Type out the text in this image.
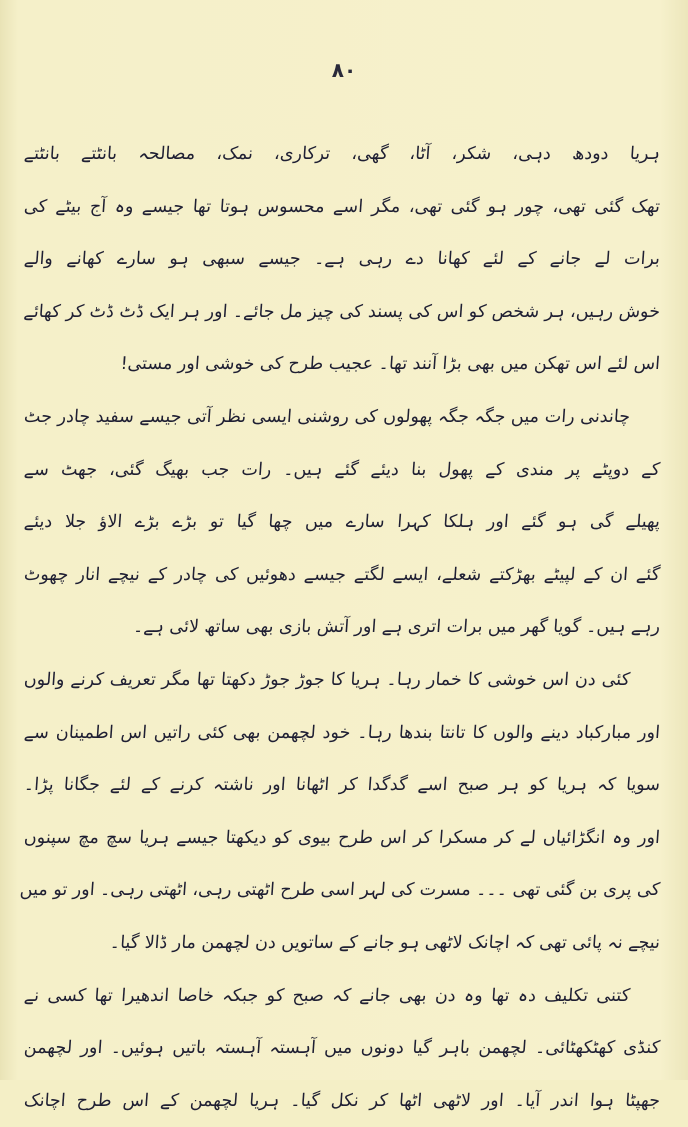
۸۰
ہریا دودھ دہی، شکر، آٹا، گھی، ترکاری، نمک، مصالحہ بانٹتے بانٹتے
تھک گئی تھی، چور ہو گئی تھی، مگر اسے محسوس ہوتا تھا جیسے وہ آج بیٹے کی
برات لے جانے کے لئے کھانا دے رہی ہے۔ جیسے سبھی ہو سارے کھانے والے
خوش رہیں، ہر شخص کو اس کی پسند کی چیز مل جائے۔ اور ہر ایک ڈٹ ڈٹ کر کھائے
اس لئے اس تھکن میں بھی بڑا آنند تھا۔ عجیب طرح کی خوشی اور مستی!
چاندنی رات میں جگہ جگہ پھولوں کی روشنی ایسی نظر آتی جیسے سفید چادر جٹ
کے دوپٹے پر مندی کے پھول بنا دیئے گئے ہیں۔ رات جب بھیگ گئی، جھٹ سے
پھیلے گی ہو گئے اور ہلکا کہرا سارے میں چھا گیا تو بڑے بڑے الاؤ جلا دیئے
گئے ان کے لپیٹے بھڑکتے شعلے، ایسے لگتے جیسے دھوئیں کی چادر کے نیچے انار چھوٹ
رہے ہیں۔ گویا گھر میں برات اتری ہے اور آتش بازی بھی ساتھ لائی ہے۔
کئی دن اس خوشی کا خمار رہا۔ ہریا کا جوڑ جوڑ دکھتا تھا مگر تعریف کرنے والوں
اور مبارکباد دینے والوں کا تانتا بندھا رہا۔ خود لچھمن بھی کئی راتیں اس اطمینان سے
سویا کہ ہریا کو ہر صبح اسے گدگدا کر اٹھانا اور ناشتہ کرنے کے لئے جگانا پڑا۔
اور وہ انگڑائیاں لے کر مسکرا کر اس طرح بیوی کو دیکھتا جیسے ہریا سچ مچ سپنوں
کی پری بن گئی تھی ۔۔۔ مسرت کی لہر اسی طرح اٹھتی رہی، اٹھتی رہی۔ اور تو میں
نیچے نہ پائی تھی کہ اچانک لاٹھی ہو جانے کے ساتویں دن لچھمن مار ڈالا گیا۔
کتنی تکلیف دہ تھا وہ دن بھی جانے کہ صبح کو جبکہ خاصا اندھیرا تھا کسی نے
کنڈی کھٹکھٹائی۔ لچھمن باہر گیا دونوں میں آہستہ آہستہ باتیں ہوئیں۔ اور لچھمن
جھپٹا ہوا اندر آیا۔ اور لاٹھی اٹھا کر نکل گیا۔ ہریا لچھمن کے اس طرح اچانک
